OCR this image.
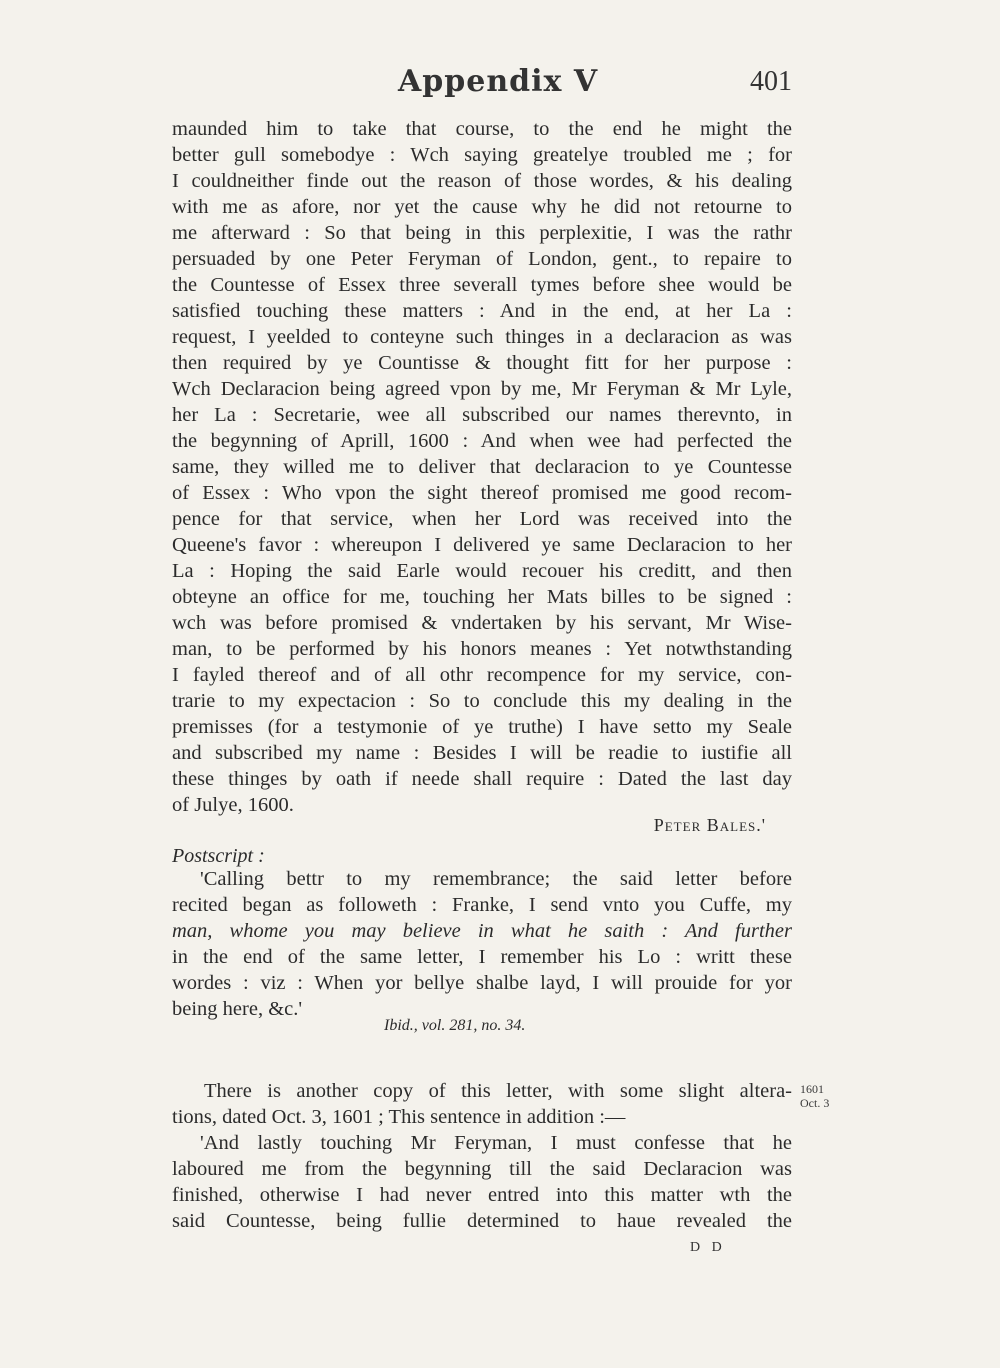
Appendix V	401
maunded him to take that course, to the end he might the
better gull somebodye : Wch saying greatelye troubled me ; for
I couldneither finde out the reason of those wordes, & his dealing
with me as afore, nor yet the cause why he did not retourne to
me afterward : So that being in this perplexitie, I was the rathr
persuaded by one Peter Feryman of London, gent., to repaire to
the Countesse of Essex three severall tymes before shee would be
satisfied touching these matters : And in the end, at her La :
request, I yeelded to conteyne such thinges in a declaracion as was
then required by ye Countisse & thought fitt for her purpose :
Wch Declaracion being agreed vpon by me, Mr Feryman & Mr Lyle,
her La : Secretarie, wee all subscribed our names therevnto, in
the begynning of Aprill, 1600 : And when wee had perfected the
same, they willed me to deliver that declaracion to ye Countesse
of Essex : Who vpon the sight thereof promised me good recom-
pence for that service, when her Lord was received into the
Queene's favor : whereupon I delivered ye same Declaracion to her
La : Hoping the said Earle would recouer his creditt, and then
obteyne an office for me, touching her Mats billes to be signed :
wch was before promised & vndertaken by his servant, Mr Wise-
man, to be performed by his honors meanes : Yet notwthstanding
I fayled thereof and of all othr recompence for my service, con-
trarie to my expectacion : So to conclude this my dealing in the
premisses (for a testymonie of ye truthe) I have setto my Seale
and subscribed my name : Besides I will be readie to iustifie all
these thinges by oath if neede shall require : Dated the last day
of Julye, 1600.
Peter Bales.'
Postscript :
'Calling bettr to my remembrance; the said letter before
recited began as followeth : Franke, I send vnto you Cuffe, my
man, whome you may believe in what he saith : And further
in the end of the same letter, I remember his Lo : writt these
wordes : viz : When yor bellye shalbe layd, I will prouide for yor
being here, &c.'
Ibid., vol. 281, no. 34.
There is another copy of this letter, with some slight altera-
tions, dated Oct. 3, 1601 ; This sentence in addition :—
'And lastly touching Mr Feryman, I must confesse that he
laboured me from the begynning till the said Declaracion was
finished, otherwise I had never entred into this matter wth the
said Countesse, being fullie determined to haue revealed the
1601
Oct. 3
D D
